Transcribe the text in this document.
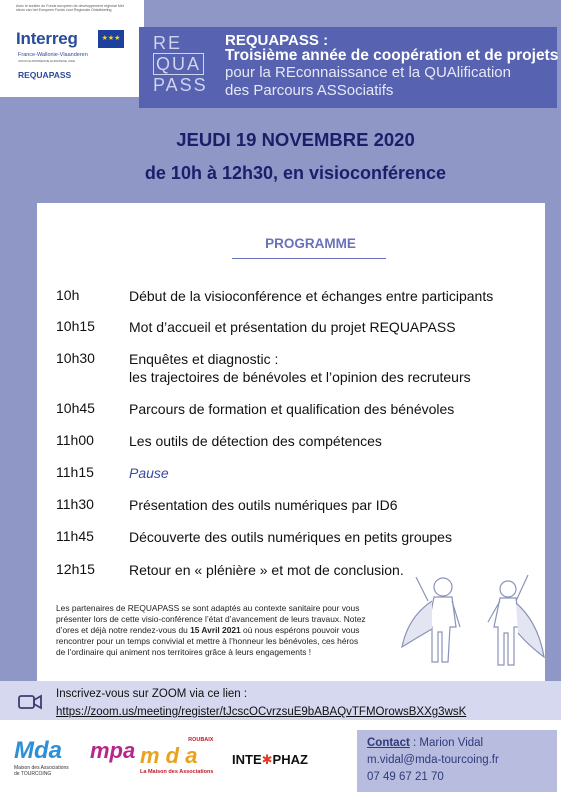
Avec le soutien du Fonds européen de développement régional Met steun van het Europees Fonds voor Regionale Ontwikkeling
Interreg	★★★
France-Wallonie-Vlaanderen
UNION EUROPÉENNE EUROPESE UNIE
REQUAPASS
RE
QUA
PASS
REQUAPASS :
Troisième année de coopération et de projets
pour la REconnaissance et la QUAlification
des Parcours ASSociatifs
JEUDI 19 NOVEMBRE 2020
de 10h à 12h30, en visioconférence
PROGRAMME
10h	Début de la visioconférence et échanges entre participants
10h15	Mot d’accueil et présentation du projet REQUAPASS
10h30	Enquêtes et diagnostic :
les trajectoires de bénévoles et l’opinion des recruteurs
10h45	Parcours de formation et qualification des bénévoles
11h00	Les outils de détection des compétences
11h15	Pause
11h30	Présentation des outils numériques par ID6
11h45	Découverte des outils numériques en petits groupes
12h15	Retour en « plénière » et mot de conclusion.
Les partenaires de REQUAPASS se sont adaptés au contexte sanitaire pour vous présenter lors de cette visio-conférence l’état d’avancement de leurs travaux. Notez d’ores et déjà notre rendez-vous du 15 Avril 2021 où nous espérons pouvoir vous rencontrer pour un temps convivial et mettre à l’honneur les bénévoles, ces héros de l’ordinaire qui animent nos territoires grâce à leurs engagements !
Inscrivez-vous sur ZOOM via ce lien :
https://zoom.us/meeting/register/tJcscOCvrzsuE9bABAQvTFMOrowsBXXg3wsK
Mda
Maison des Associations
de TOURCOING
mpa	ROUBAIX
m d a
La Maison des Associations
INTE✱PHAZ
Contact : Marion Vidal
m.vidal@mda-tourcoing.fr
07 49 67 21 70
